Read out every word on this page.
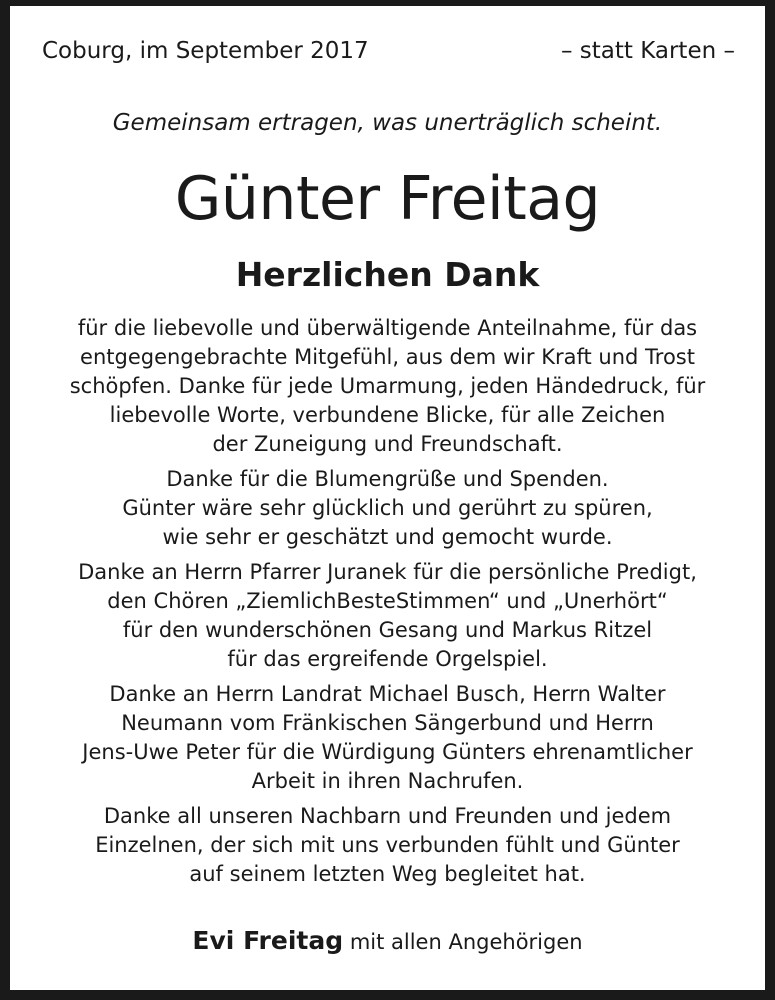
Coburg, im September 2017	– statt Karten –
Gemeinsam ertragen, was unerträglich scheint.
Günter Freitag
Herzlichen Dank

für die liebevolle und überwältigende Anteilnahme, für das
entgegengebrachte Mitgefühl, aus dem wir Kraft und Trost
schöpfen. Danke für jede Umarmung, jeden Händedruck, für
liebevolle Worte, verbundene Blicke, für alle Zeichen
der Zuneigung und Freundschaft.

Danke für die Blumengrüße und Spenden.
Günter wäre sehr glücklich und gerührt zu spüren,
wie sehr er geschätzt und gemocht wurde.

Danke an Herrn Pfarrer Juranek für die persönliche Predigt,
den Chören „ZiemlichBesteStimmen“ und „Unerhört“
für den wunderschönen Gesang und Markus Ritzel
für das ergreifende Orgelspiel.

Danke an Herrn Landrat Michael Busch, Herrn Walter
Neumann vom Fränkischen Sängerbund und Herrn
Jens-Uwe Peter für die Würdigung Günters ehrenamtlicher
Arbeit in ihren Nachrufen.

Danke all unseren Nachbarn und Freunden und jedem
Einzelnen, der sich mit uns verbunden fühlt und Günter
auf seinem letzten Weg begleitet hat.

Evi Freitag mit allen Angehörigen
